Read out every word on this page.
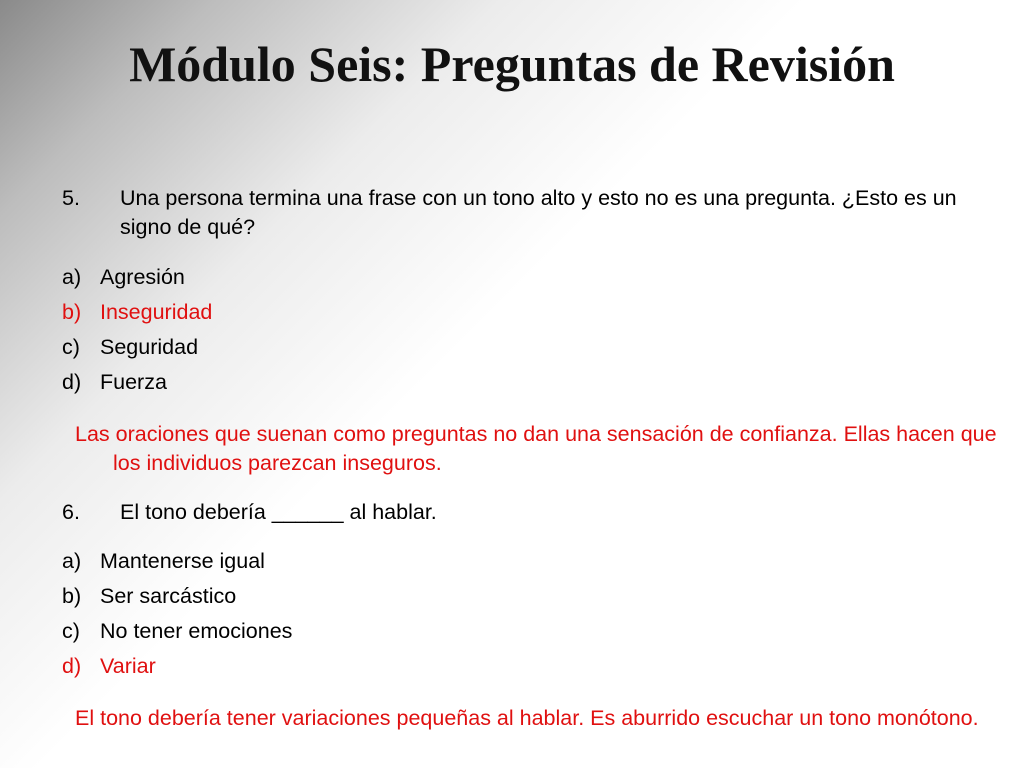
Módulo Seis: Preguntas de Revisión
5. Una persona termina una frase con un tono alto y esto no es una pregunta. ¿Esto es un signo de qué?
a) Agresión
b) Inseguridad
c) Seguridad
d) Fuerza
Las oraciones que suenan como preguntas no dan una sensación de confianza. Ellas hacen que los individuos parezcan inseguros.
6. El tono debería ______ al hablar.
a) Mantenerse igual
b) Ser sarcástico
c) No tener emociones
d) Variar
El tono debería tener variaciones pequeñas al hablar. Es aburrido escuchar un tono monótono.
